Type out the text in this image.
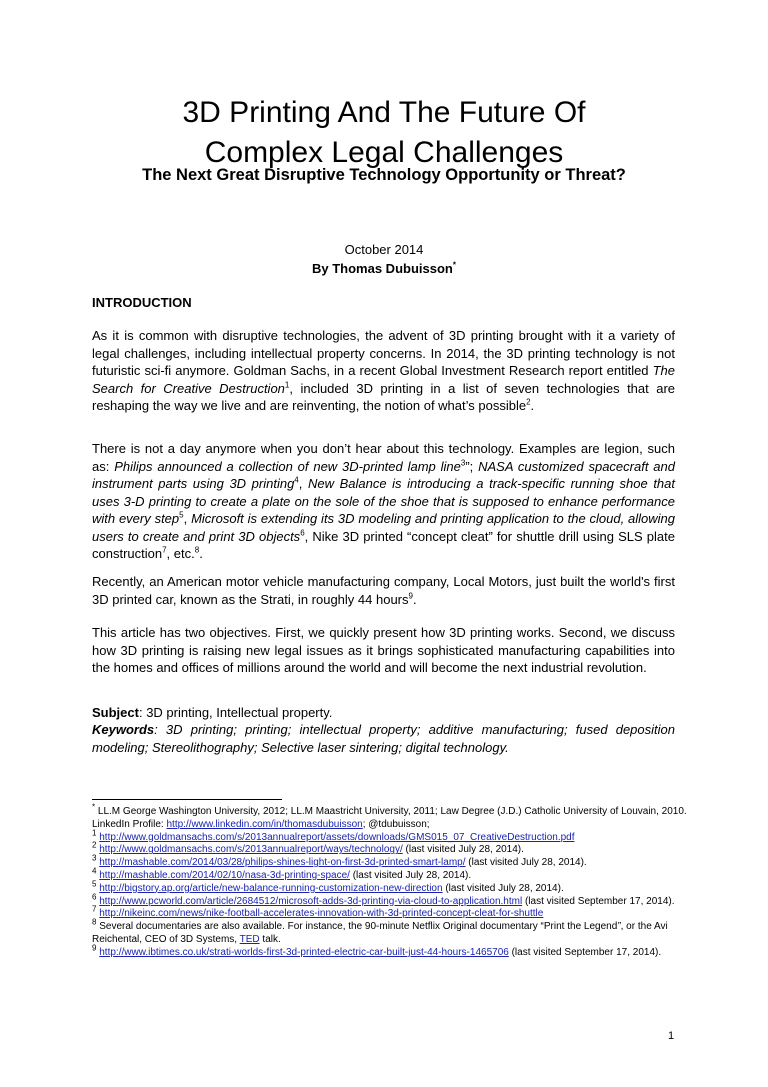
3D Printing And The Future Of
Complex Legal Challenges
The Next Great Disruptive Technology Opportunity or Threat?
October 2014
By Thomas Dubuisson*
INTRODUCTION
As it is common with disruptive technologies, the advent of 3D printing brought with it a variety of legal challenges, including intellectual property concerns. In 2014, the 3D printing technology is not futuristic sci-fi anymore. Goldman Sachs, in a recent Global Investment Research report entitled The Search for Creative Destruction$^1$, included 3D printing in a list of seven technologies that are reshaping the way we live and are reinventing, the notion of what’s possible$^2$.
There is not a day anymore when you don’t hear about this technology. Examples are legion, such as: Philips announced a collection of new 3D-printed lamp line$^3$”; NASA customized spacecraft and instrument parts using 3D printing$^4$, New Balance is introducing a track-specific running shoe that uses 3-D printing to create a plate on the sole of the shoe that is supposed to enhance performance with every step$^5$, Microsoft is extending its 3D modeling and printing application to the cloud, allowing users to create and print 3D objects$^6$, Nike 3D printed “concept cleat” for shuttle drill using SLS plate construction$^7$, etc.$^8$.
Recently, an American motor vehicle manufacturing company, Local Motors, just built the world's first 3D printed car, known as the Strati, in roughly 44 hours$^9$.
This article has two objectives. First, we quickly present how 3D printing works. Second, we discuss how 3D printing is raising new legal issues as it brings sophisticated manufacturing capabilities into the homes and offices of millions around the world and will become the next industrial revolution.
Subject: 3D printing, Intellectual property.
Keywords: 3D printing; printing; intellectual property; additive manufacturing; fused deposition modeling; Stereolithography; Selective laser sintering; digital technology.

* LL.M George Washington University, 2012; LL.M Maastricht University, 2011; Law Degree (J.D.) Catholic University of Louvain, 2010. LinkedIn Profile: http://www.linkedin.com/in/thomasdubuisson; @tdubuisson;

$^1$ http://www.goldmansachs.com/s/2013annualreport/assets/downloads/GMS015_07_CreativeDestruction.pdf

$^2$ http://www.goldmansachs.com/s/2013annualreport/ways/technology/ (last visited July 28, 2014).

$^3$ http://mashable.com/2014/03/28/philips-shines-light-on-first-3d-printed-smart-lamp/ (last visited July 28, 2014).

$^4$ http://mashable.com/2014/02/10/nasa-3d-printing-space/ (last visited July 28, 2014).

$^5$ http://bigstory.ap.org/article/new-balance-running-customization-new-direction (last visited July 28, 2014).

$^6$ http://www.pcworld.com/article/2684512/microsoft-adds-3d-printing-via-cloud-to-application.html (last visited September 17, 2014).

$^7$ http://nikeinc.com/news/nike-football-accelerates-innovation-with-3d-printed-concept-cleat-for-shuttle

$^8$ Several documentaries are also available. For instance, the 90-minute Netflix Original documentary “Print the Legend”, or the Avi Reichental, CEO of 3D Systems, TED talk.

$^9$ http://www.ibtimes.co.uk/strati-worlds-first-3d-printed-electric-car-built-just-44-hours-1465706 (last visited September 17, 2014).

1
